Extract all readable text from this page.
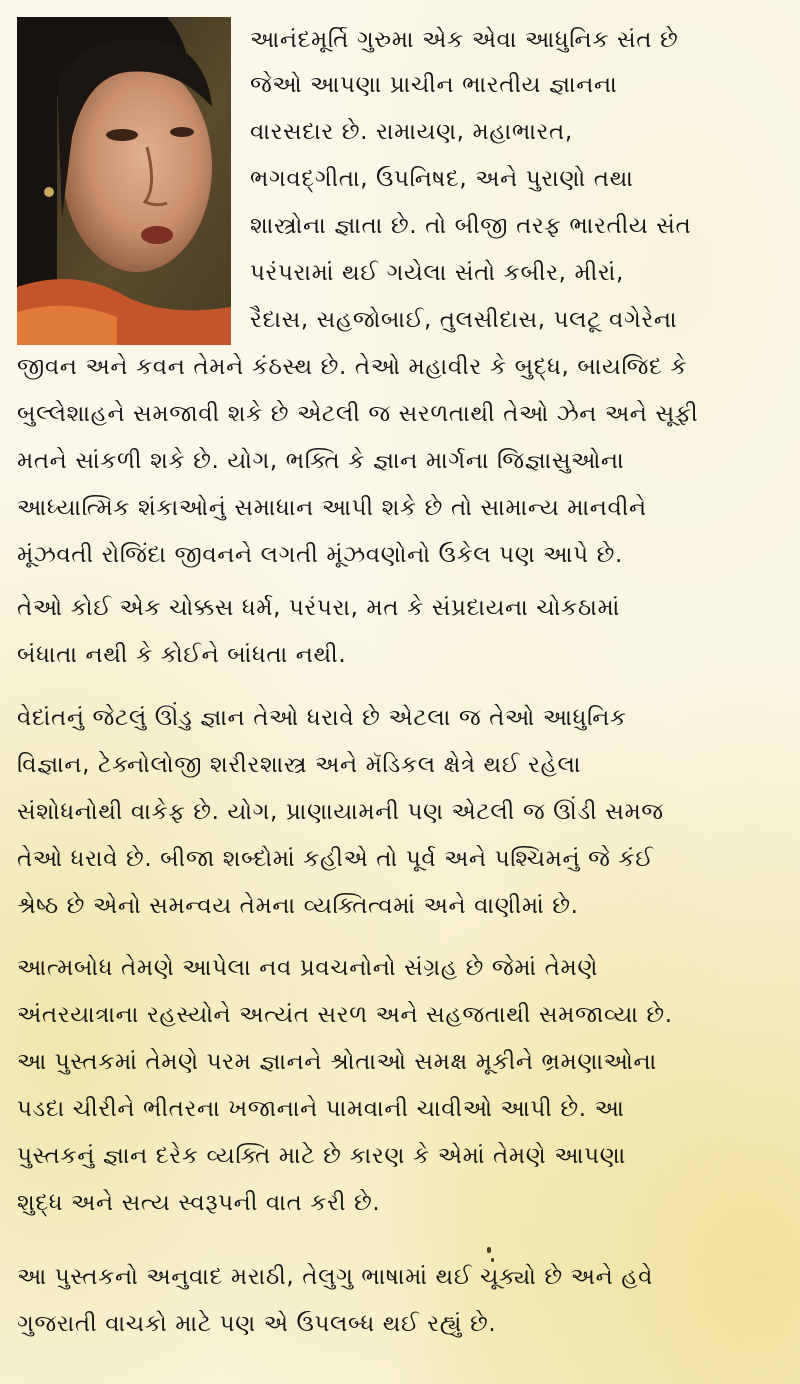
આનંદમૂર્તિ ગુરુમા એક એવા આધુનિક સંત છે
જેઓ આપણા પ્રાચીન ભારતીય જ્ઞાનના
વારસદાર છે. રામાયણ, મહાભારત,
ભગવદ્ગીતા, ઉપનિષદ, અને પુરાણો તથા
શાસ્ત્રોના જ્ઞાતા છે. તો બીજી તરફ ભારતીય સંત
પરંપરામાં થઈ ગયેલા સંતો કબીર, મીરાં,
રૈદાસ, સહજોબાઈ, તુલસીદાસ, પલટૂ વગેરેના
જીવન અને કવન તેમને કંઠસ્થ છે. તેઓ મહાવીર કે બુદ્ધ, બાયજિદ કે
બુલ્લેશાહને સમજાવી શકે છે એટલી જ સરળતાથી તેઓ ઝેન અને સૂફી
મતને સાંકળી શકે છે. યોગ, ભક્તિ કે જ્ઞાન માર્ગના જિજ્ઞાસુઓના
આધ્યાત્મિક શંકાઓનું સમાધાન આપી શકે છે તો સામાન્ય માનવીને
મૂંઝવતી રોજિંદા જીવનને લગતી મૂંઝવણોનો ઉકેલ પણ આપે છે.
તેઓ કોઈ એક ચોક્કસ ધર્મ, પરંપરા, મત કે સંપ્રદાયના ચોકઠામાં
બંધાતા નથી કે કોઈને બાંધતા નથી.
વેદાંતનું જેટલું ઊંડુ જ્ઞાન તેઓ ધરાવે છે એટલા જ તેઓ આધુનિક
વિજ્ઞાન, ટેક્નોલોજી શરીરશાસ્ત્ર અને મૅડિકલ ક્ષેત્રે થઈ રહેલા
સંશોધનોથી વાકેફ છે. યોગ, પ્રાણાયામની પણ એટલી જ ઊંડી સમજ
તેઓ ધરાવે છે. બીજા શબ્દોમાં કહીએ તો પૂર્વ અને પશ્ચિમનું જે કંઈ
શ્રેષ્ઠ છે એનો સમન્વય તેમના વ્યક્તિત્વમાં અને વાણીમાં છે.
આત્મબોધ તેમણે આપેલા નવ પ્રવચનોનો સંગ્રહ છે જેમાં તેમણે
અંતરયાત્રાના રહસ્યોને અત્યંત સરળ અને સહજતાથી સમજાવ્યા છે.
આ પુસ્તકમાં તેમણે પરમ જ્ઞાનને શ્રોતાઓ સમક્ષ મૂકીને ભ્રમણાઓના
પડદા ચીરીને ભીતરના ખજાનાને પામવાની ચાવીઓ આપી છે. આ
પુસ્તકનું જ્ઞાન દરેક વ્યક્તિ માટે છે કારણ કે એમાં તેમણે આપણા
શુદ્ધ અને સત્ય સ્વરૂપની વાત કરી છે.
આ પુસ્તકનો અનુવાદ મરાઠી, તેલુગુ ભાષામાં થઈ ચૂક્યો છે અને હવે
ગુજરાતી વાચકો માટે પણ એ ઉપલબ્ધ થઈ રહ્યું છે.
